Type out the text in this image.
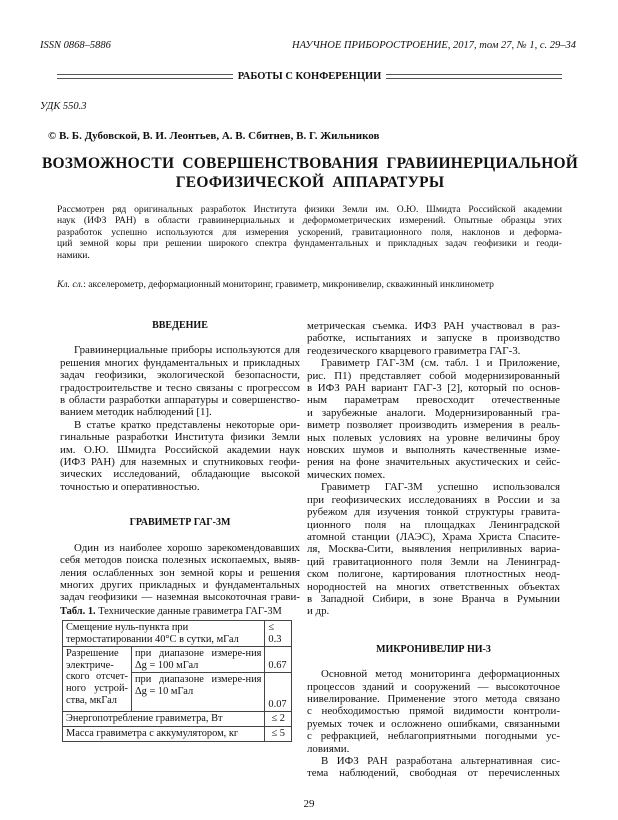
ISSN 0868–5886	НАУЧНОЕ ПРИБОРОСТРОЕНИЕ, 2017, том 27, № 1, с. 29–34
РАБОТЫ С КОНФЕРЕНЦИИ
УДК 550.3
© В. Б. Дубовской, В. И. Леонтьев, А. В. Сбитнев, В. Г. Жильников
ВОЗМОЖНОСТИ  СОВЕРШЕНСТВОВАНИЯ  ГРАВИИНЕРЦИАЛЬНОЙ
ГЕОФИЗИЧЕСКОЙ  АППАРАТУРЫ
Рассмотрен ряд оригинальных разработок Института физики Земли им. О.Ю. Шмидта Российской академии
наук (ИФЗ РАН) в области гравиинерциальных и деформометрических измерений. Опытные образцы этих
разработок успешно используются для измерения ускорений, гравитационного поля, наклонов и деформа-
ций земной коры при решении широкого спектра фундаментальных и прикладных задач геофизики и геоди-
намики.
Кл. сл.: акселерометр, деформационный мониторинг, гравиметр, микронивелир, скважинный инклинометр
ВВЕДЕНИЕ
Гравиинерциальные приборы используются для
решения многих фундаментальных и прикладных
задач геофизики, экологической безопасности,
градостроительстве и тесно связаны с прогрессом
в области разработки аппаратуры и совершенство-
ванием методик наблюдений [1].
В статье кратко представлены некоторые ори-
гинальные разработки Института физики Земли
им. О.Ю. Шмидта Российской академии наук
(ИФЗ РАН) для наземных и спутниковых геофи-
зических исследований, обладающие высокой
точностью и оперативностью.
ГРАВИМЕТР ГАГ-3М
Один из наиболее хорошо зарекомендовавших
себя методов поиска полезных ископаемых, выяв-
ления ослабленных зон земной коры и решения
многих других прикладных и фундаментальных
задач геофизики — наземная высокоточная грави-
Табл. 1. Технические данные гравиметра ГАГ-3М
Смещение нуль-пункта при термостатировании 40°С в сутки, мГал		≤ 0.3
Разрешение электриче-ского отсчет-ного устрой-ства, мкГал	при диапазоне измере-ния Δg = 100 мГал	0.67
	при диапазоне измере-ния Δg = 10 мГал	0.07
Энергопотребление гравиметра, Вт		≤ 2
Масса гравиметра с аккумулятором, кг		≤ 5
метрическая съемка. ИФЗ РАН участвовал в раз-
работке, испытаниях и запуске в производство
геодезического кварцевого гравиметра ГАГ-3.
Гравиметр ГАГ-3М (см. табл. 1 и Приложение,
рис. П1) представляет собой модернизированный
в ИФЗ РАН вариант ГАГ-3 [2], который по основ-
ным параметрам превосходит отечественные
и зарубежные аналоги. Модернизированный гра-
виметр позволяет производить измерения в реаль-
ных полевых условиях на уровне величины броу
новских шумов и выполнять качественные изме-
рения на фоне значительных акустических и сейс-
мических помех.
Гравиметр ГАГ-3М успешно использовался
при геофизических исследованиях в России и за
рубежом для изучения тонкой структуры гравита-
ционного поля на площадках Ленинградской
атомной станции (ЛАЭС), Храма Христа Спасите-
ля, Москва-Сити, выявления неприливных вариа-
ций гравитационного поля Земли на Ленинград-
ском полигоне, картирования плотностных неод-
нородностей на многих ответственных объектах
в Западной Сибири, в зоне Вранча в Румынии
и др.
МИКРОНИВЕЛИР НИ-3
Основной метод мониторинга деформационных
процессов зданий и сооружений — высокоточное
нивелирование. Применение этого метода связано
с необходимостью прямой видимости контроли-
руемых точек и осложнено ошибками, связанными
с рефракцией, неблагоприятными погодными ус-
ловиями.
В ИФЗ РАН разработана альтернативная сис-
тема наблюдений, свободная от перечисленных
29
